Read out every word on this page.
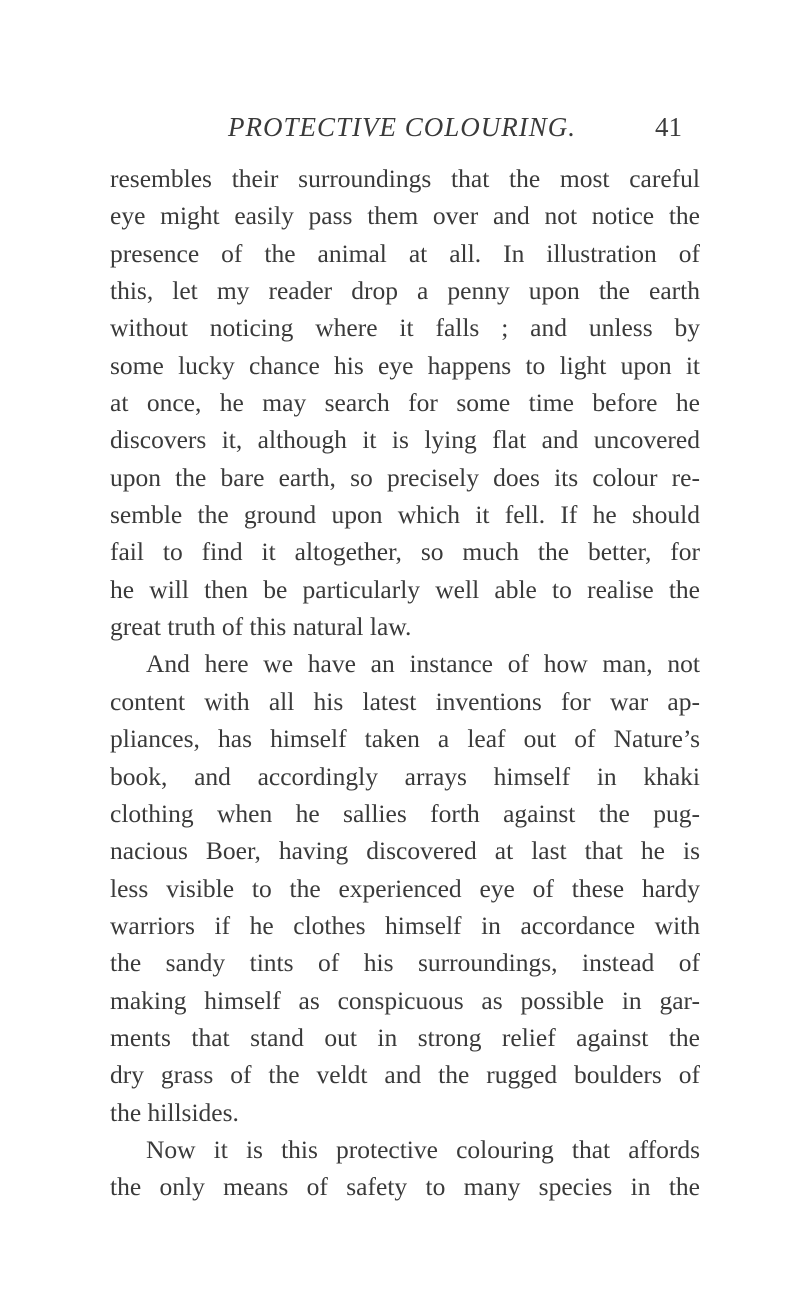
PROTECTIVE COLOURING.	41
resembles their surroundings that the most careful
eye might easily pass them over and not notice the
presence of the animal at all. In illustration of
this, let my reader drop a penny upon the earth
without noticing where it falls ; and unless by
some lucky chance his eye happens to light upon it
at once, he may search for some time before he
discovers it, although it is lying flat and uncovered
upon the bare earth, so precisely does its colour re-
semble the ground upon which it fell. If he should
fail to find it altogether, so much the better, for
he will then be particularly well able to realise the
great truth of this natural law.
And here we have an instance of how man, not
content with all his latest inventions for war ap-
pliances, has himself taken a leaf out of Nature’s
book, and accordingly arrays himself in khaki
clothing when he sallies forth against the pug-
nacious Boer, having discovered at last that he is
less visible to the experienced eye of these hardy
warriors if he clothes himself in accordance with
the sandy tints of his surroundings, instead of
making himself as conspicuous as possible in gar-
ments that stand out in strong relief against the
dry grass of the veldt and the rugged boulders of
the hillsides.
Now it is this protective colouring that affords
the only means of safety to many species in the
